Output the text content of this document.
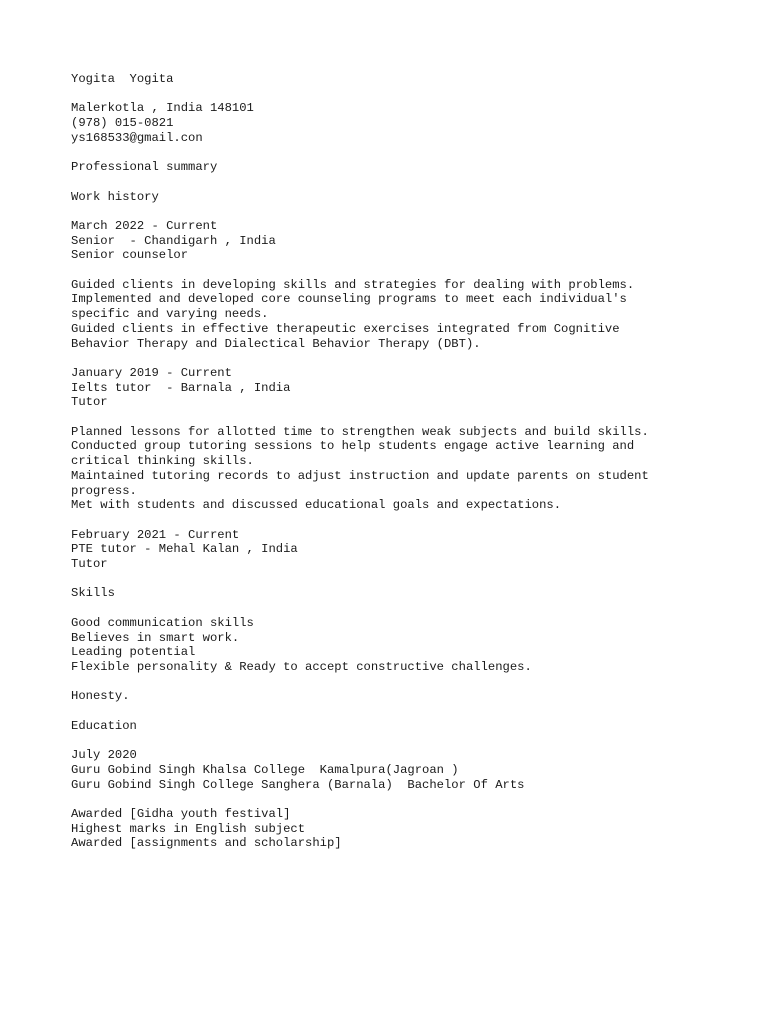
Yogita  Yogita
Malerkotla , India 148101
(978) 015-0821
ys168533@gmail.con
Professional summary
Work history
March 2022 - Current
Senior  - Chandigarh , India
Senior counselor
Guided clients in developing skills and strategies for dealing with problems.
Implemented and developed core counseling programs to meet each individual's
specific and varying needs.
Guided clients in effective therapeutic exercises integrated from Cognitive
Behavior Therapy and Dialectical Behavior Therapy (DBT).
January 2019 - Current
Ielts tutor  - Barnala , India
Tutor
Planned lessons for allotted time to strengthen weak subjects and build skills.
Conducted group tutoring sessions to help students engage active learning and
critical thinking skills.
Maintained tutoring records to adjust instruction and update parents on student
progress.
Met with students and discussed educational goals and expectations.
February 2021 - Current
PTE tutor - Mehal Kalan , India
Tutor
Skills
Good communication skills
Believes in smart work.
Leading potential
Flexible personality & Ready to accept constructive challenges.
Honesty.
Education
July 2020
Guru Gobind Singh Khalsa College  Kamalpura(Jagroan )
Guru Gobind Singh College Sanghera (Barnala)  Bachelor Of Arts
Awarded [Gidha youth festival]
Highest marks in English subject
Awarded [assignments and scholarship]
